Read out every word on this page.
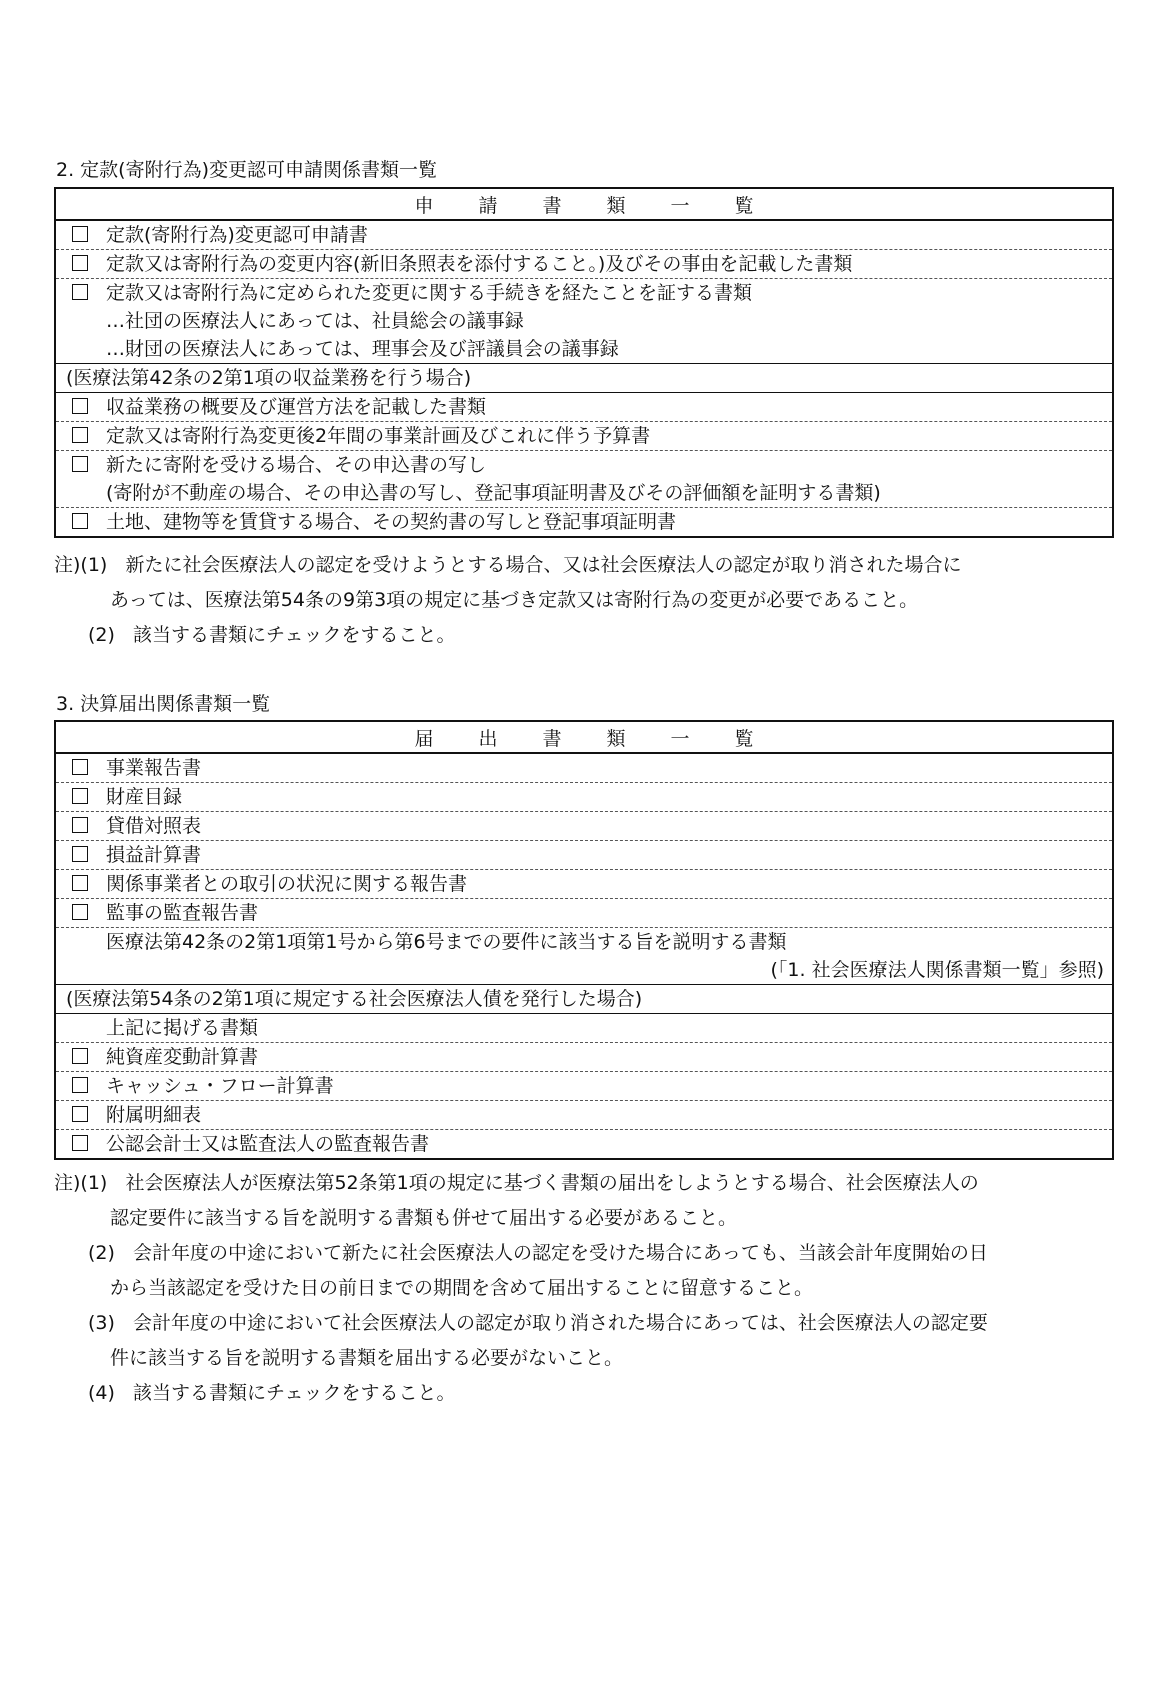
2. 定款(寄附行為)変更認可申請関係書類一覧
申請書類一覧
定款(寄附行為)変更認可申請書
定款又は寄附行為の変更内容(新旧条照表を添付すること。)及びその事由を記載した書類
定款又は寄附行為に定められた変更に関する手続きを経たことを証する書類
…社団の医療法人にあっては、社員総会の議事録
…財団の医療法人にあっては、理事会及び評議員会の議事録
(医療法第42条の2第1項の収益業務を行う場合)
収益業務の概要及び運営方法を記載した書類
定款又は寄附行為変更後2年間の事業計画及びこれに伴う予算書
新たに寄附を受ける場合、その申込書の写し
(寄附が不動産の場合、その申込書の写し、登記事項証明書及びその評価額を証明する書類)
土地、建物等を賃貸する場合、その契約書の写しと登記事項証明書
注)(1) 新たに社会医療法人の認定を受けようとする場合、又は社会医療法人の認定が取り消された場合に
あっては、医療法第54条の9第3項の規定に基づき定款又は寄附行為の変更が必要であること。
(2) 該当する書類にチェックをすること。
3. 決算届出関係書類一覧
届出書類一覧
事業報告書
財産目録
貸借対照表
損益計算書
関係事業者との取引の状況に関する報告書
監事の監査報告書
医療法第42条の2第1項第1号から第6号までの要件に該当する旨を説明する書類
(「1. 社会医療法人関係書類一覧」参照)
(医療法第54条の2第1項に規定する社会医療法人債を発行した場合)
上記に掲げる書類
純資産変動計算書
キャッシュ・フロー計算書
附属明細表
公認会計士又は監査法人の監査報告書
注)(1) 社会医療法人が医療法第52条第1項の規定に基づく書類の届出をしようとする場合、社会医療法人の
認定要件に該当する旨を説明する書類も併せて届出する必要があること。
(2) 会計年度の中途において新たに社会医療法人の認定を受けた場合にあっても、当該会計年度開始の日
から当該認定を受けた日の前日までの期間を含めて届出することに留意すること。
(3) 会計年度の中途において社会医療法人の認定が取り消された場合にあっては、社会医療法人の認定要
件に該当する旨を説明する書類を届出する必要がないこと。
(4) 該当する書類にチェックをすること。
